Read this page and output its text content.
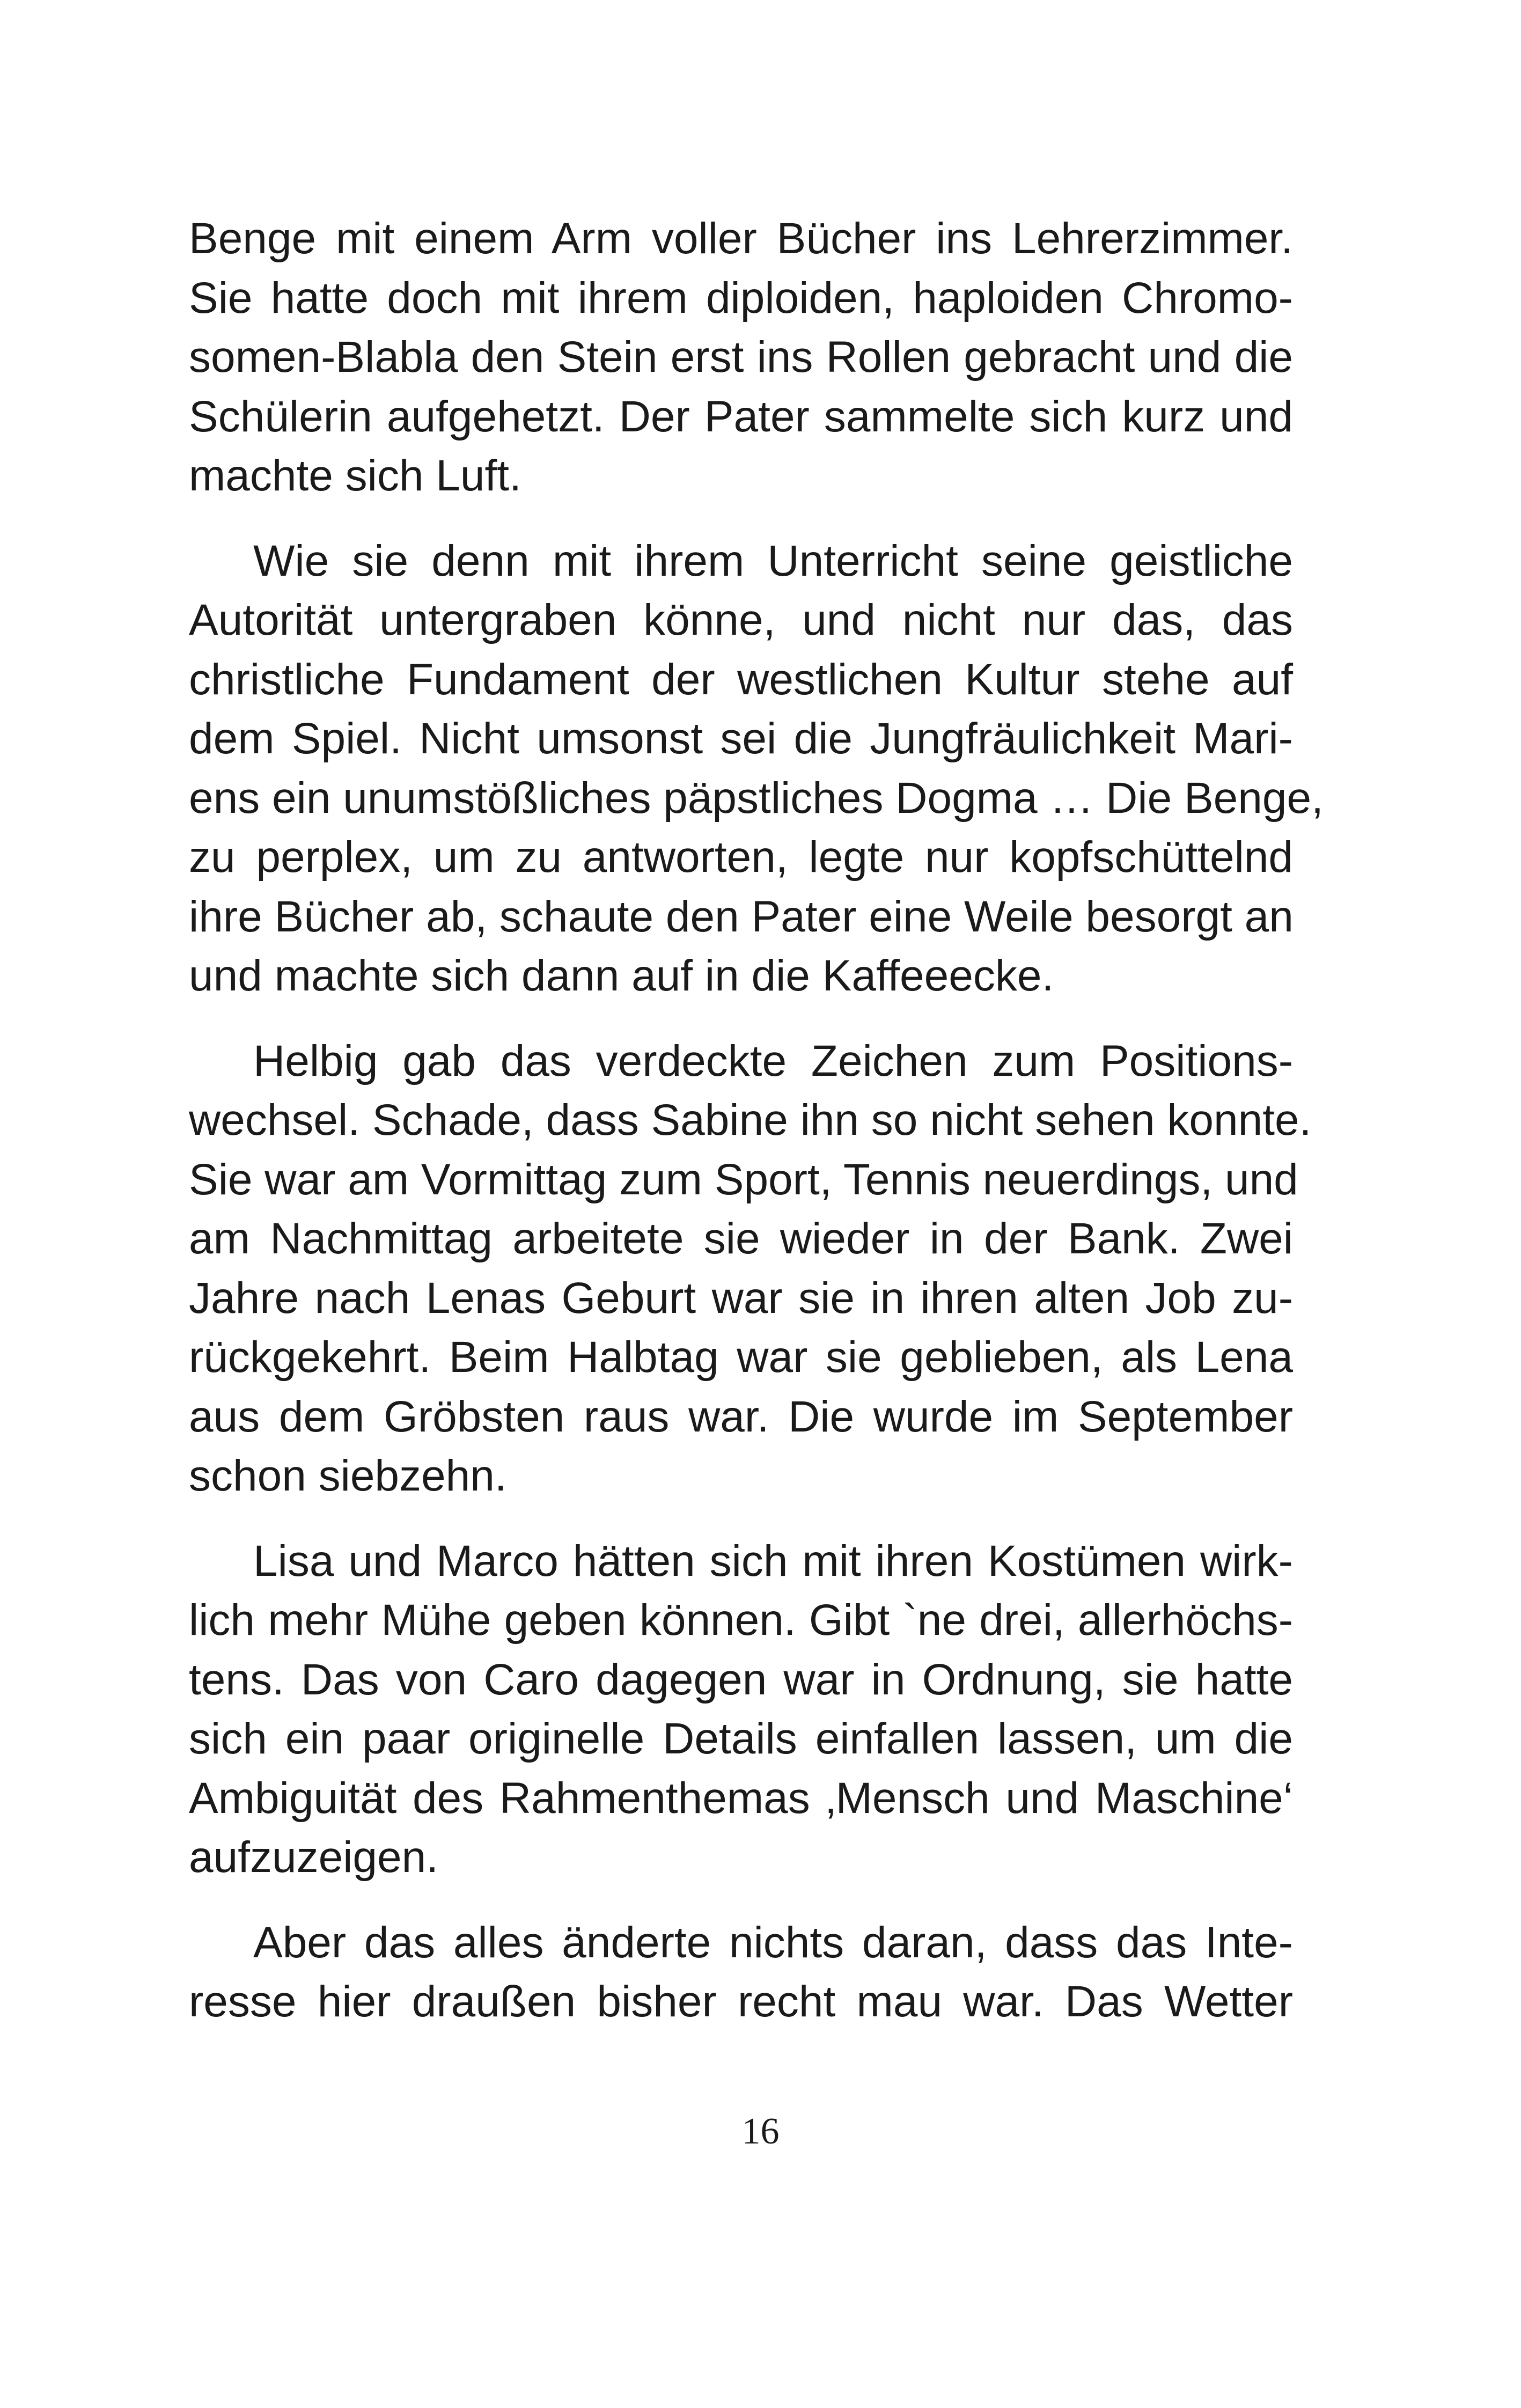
Benge mit einem Arm voller Bücher ins Lehrerzimmer.
Sie hatte doch mit ihrem diploiden, haploiden Chromo-
somen-Blabla den Stein erst ins Rollen gebracht und die
Schülerin aufgehetzt. Der Pater sammelte sich kurz und
machte sich Luft.
Wie sie denn mit ihrem Unterricht seine geistliche
Autorität untergraben könne, und nicht nur das, das
christliche Fundament der westlichen Kultur stehe auf
dem Spiel. Nicht umsonst sei die Jungfräulichkeit Mari-
ens ein unumstößliches päpstliches Dogma … Die Benge,
zu perplex, um zu antworten, legte nur kopfschüttelnd
ihre Bücher ab, schaute den Pater eine Weile besorgt an
und machte sich dann auf in die Kaffeeecke.
Helbig gab das verdeckte Zeichen zum Positions-
wechsel. Schade, dass Sabine ihn so nicht sehen konnte.
Sie war am Vormittag zum Sport, Tennis neuerdings, und
am Nachmittag arbeitete sie wieder in der Bank. Zwei
Jahre nach Lenas Geburt war sie in ihren alten Job zu-
rückgekehrt. Beim Halbtag war sie geblieben, als Lena
aus dem Gröbsten raus war. Die wurde im September
schon siebzehn.
Lisa und Marco hätten sich mit ihren Kostümen wirk-
lich mehr Mühe geben können. Gibt `ne drei, allerhöchs-
tens. Das von Caro dagegen war in Ordnung, sie hatte
sich ein paar originelle Details einfallen lassen, um die
Ambiguität des Rahmenthemas ‚Mensch und Maschine‘
aufzuzeigen.
Aber das alles änderte nichts daran, dass das Inte-
resse hier draußen bisher recht mau war. Das Wetter
16
